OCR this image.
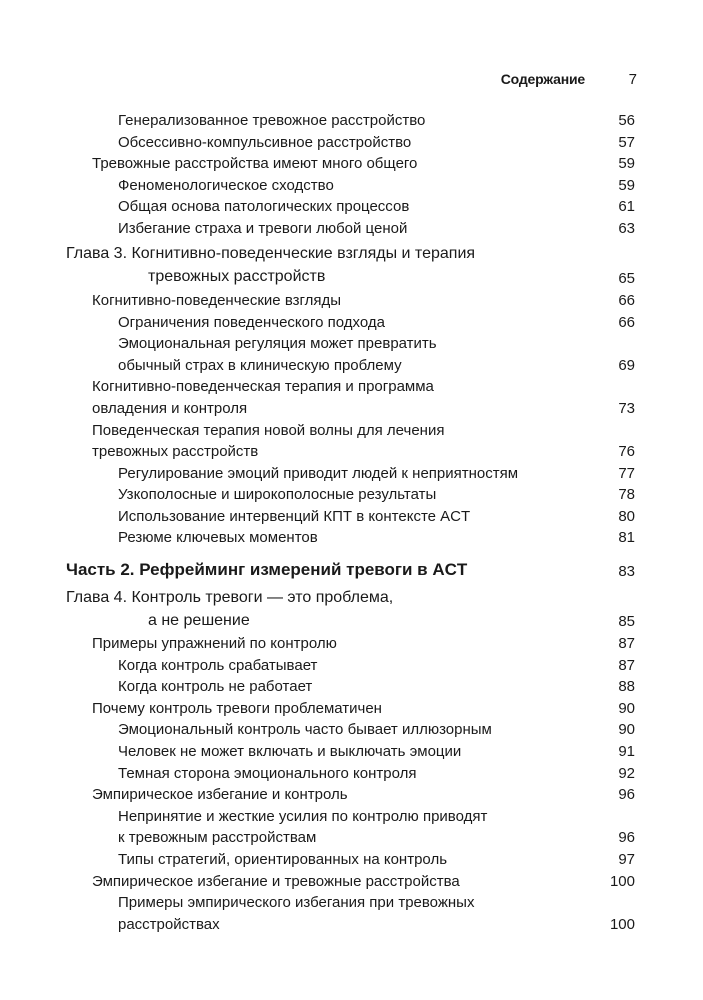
Содержание	7
Генерализованное тревожное расстройство	56
Обсессивно-компульсивное расстройство	57
Тревожные расстройства имеют много общего	59
Феноменологическое сходство	59
Общая основа патологических процессов	61
Избегание страха и тревоги любой ценой	63
Глава 3. Когнитивно-поведенческие взгляды и терапия
тревожных расстройств	65
Когнитивно-поведенческие взгляды	66
Ограничения поведенческого подхода	66
Эмоциональная регуляция может превратить
обычный страх в клиническую проблему	69
Когнитивно-поведенческая терапия и программа
овладения и контроля	73
Поведенческая терапия новой волны для лечения
тревожных расстройств	76
Регулирование эмоций приводит людей к неприятностям	77
Узкополосные и широкополосные результаты	78
Использование интервенций КПТ в контексте ACT	80
Резюме ключевых моментов	81
Часть 2. Рефрейминг измерений тревоги в ACT	83
Глава 4. Контроль тревоги — это проблема,
а не решение	85
Примеры упражнений по контролю	87
Когда контроль срабатывает	87
Когда контроль не работает	88
Почему контроль тревоги проблематичен	90
Эмоциональный контроль часто бывает иллюзорным	90
Человек не может включать и выключать эмоции	91
Темная сторона эмоционального контроля	92
Эмпирическое избегание и контроль	96
Непринятие и жесткие усилия по контролю приводят
к тревожным расстройствам	96
Типы стратегий, ориентированных на контроль	97
Эмпирическое избегание и тревожные расстройства	100
Примеры эмпирического избегания при тревожных
расстройствах	100
